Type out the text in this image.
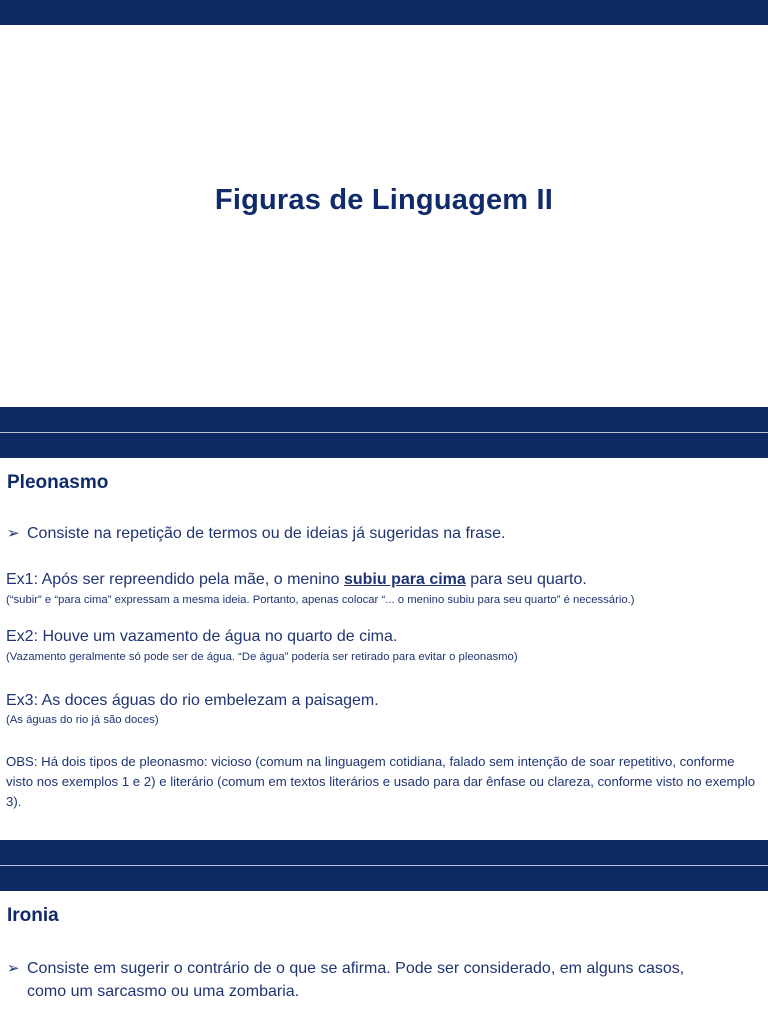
Figuras de Linguagem II
Pleonasmo
➢ Consiste na repetição de termos ou de ideias já sugeridas na frase.
Ex1: Após ser repreendido pela mãe, o menino subiu para cima para seu quarto.
(“subir” e “para cima” expressam a mesma ideia. Portanto, apenas colocar “... o menino subiu para seu quarto” é necessário.)
Ex2: Houve um vazamento de água no quarto de cima.
(Vazamento geralmente só pode ser de água. “De água” poderia ser retirado para evitar o pleonasmo)
Ex3: As doces águas do rio embelezam a paisagem.
(As águas do rio já são doces)
OBS: Há dois tipos de pleonasmo: vicioso (comum na linguagem cotidiana, falado sem intenção de soar repetitivo, conforme visto nos exemplos 1 e 2) e literário (comum em textos literários e usado para dar ênfase ou clareza, conforme visto no exemplo 3).
Ironia
➢ Consiste em sugerir o contrário de o que se afirma. Pode ser considerado, em alguns casos,
como um sarcasmo ou uma zombaria.
